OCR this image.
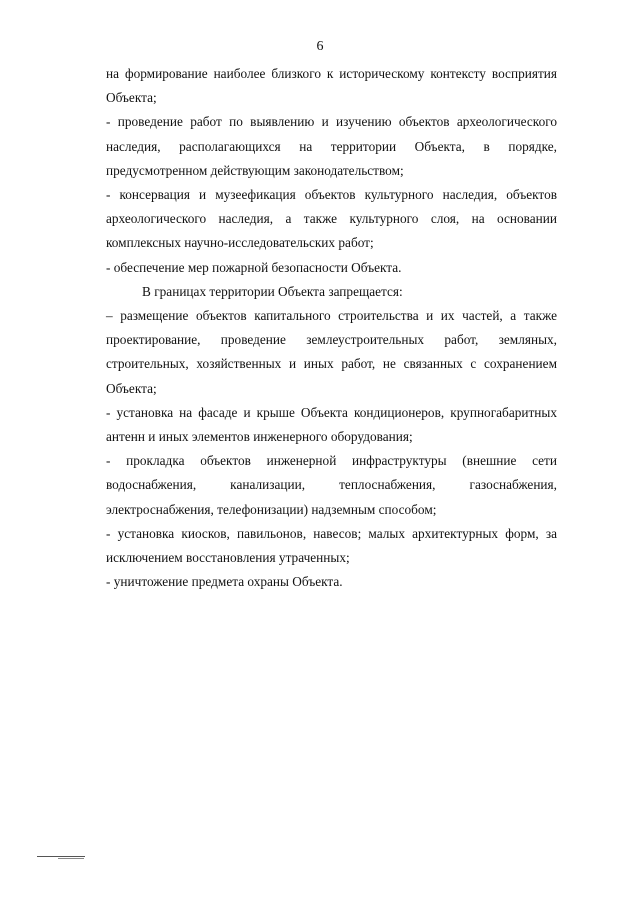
6

на формирование наиболее близкого к историческому контексту восприятия Объекта;

- проведение работ по выявлению и изучению объектов археологического наследия, располагающихся на территории Объекта, в порядке, предусмотренном действующим законодательством;

- консервация и музеефикация объектов культурного наследия, объектов археологического наследия, а также культурного слоя, на основании комплексных научно-исследовательских работ;

- обеспечение мер пожарной безопасности Объекта.

В границах территории Объекта запрещается:

– размещение объектов капитального строительства и их частей, а также проектирование, проведение землеустроительных работ, земляных, строительных, хозяйственных и иных работ, не связанных с сохранением Объекта;

- установка на фасаде и крыше Объекта кондиционеров, крупногабаритных антенн и иных элементов инженерного оборудования;

- прокладка объектов инженерной инфраструктуры (внешние сети водоснабжения, канализации, теплоснабжения, газоснабжения, электроснабжения, телефонизации) надземным способом;

- установка киосков, павильонов, навесов; малых архитектурных форм, за исключением восстановления утраченных;

- уничтожение предмета охраны Объекта.
